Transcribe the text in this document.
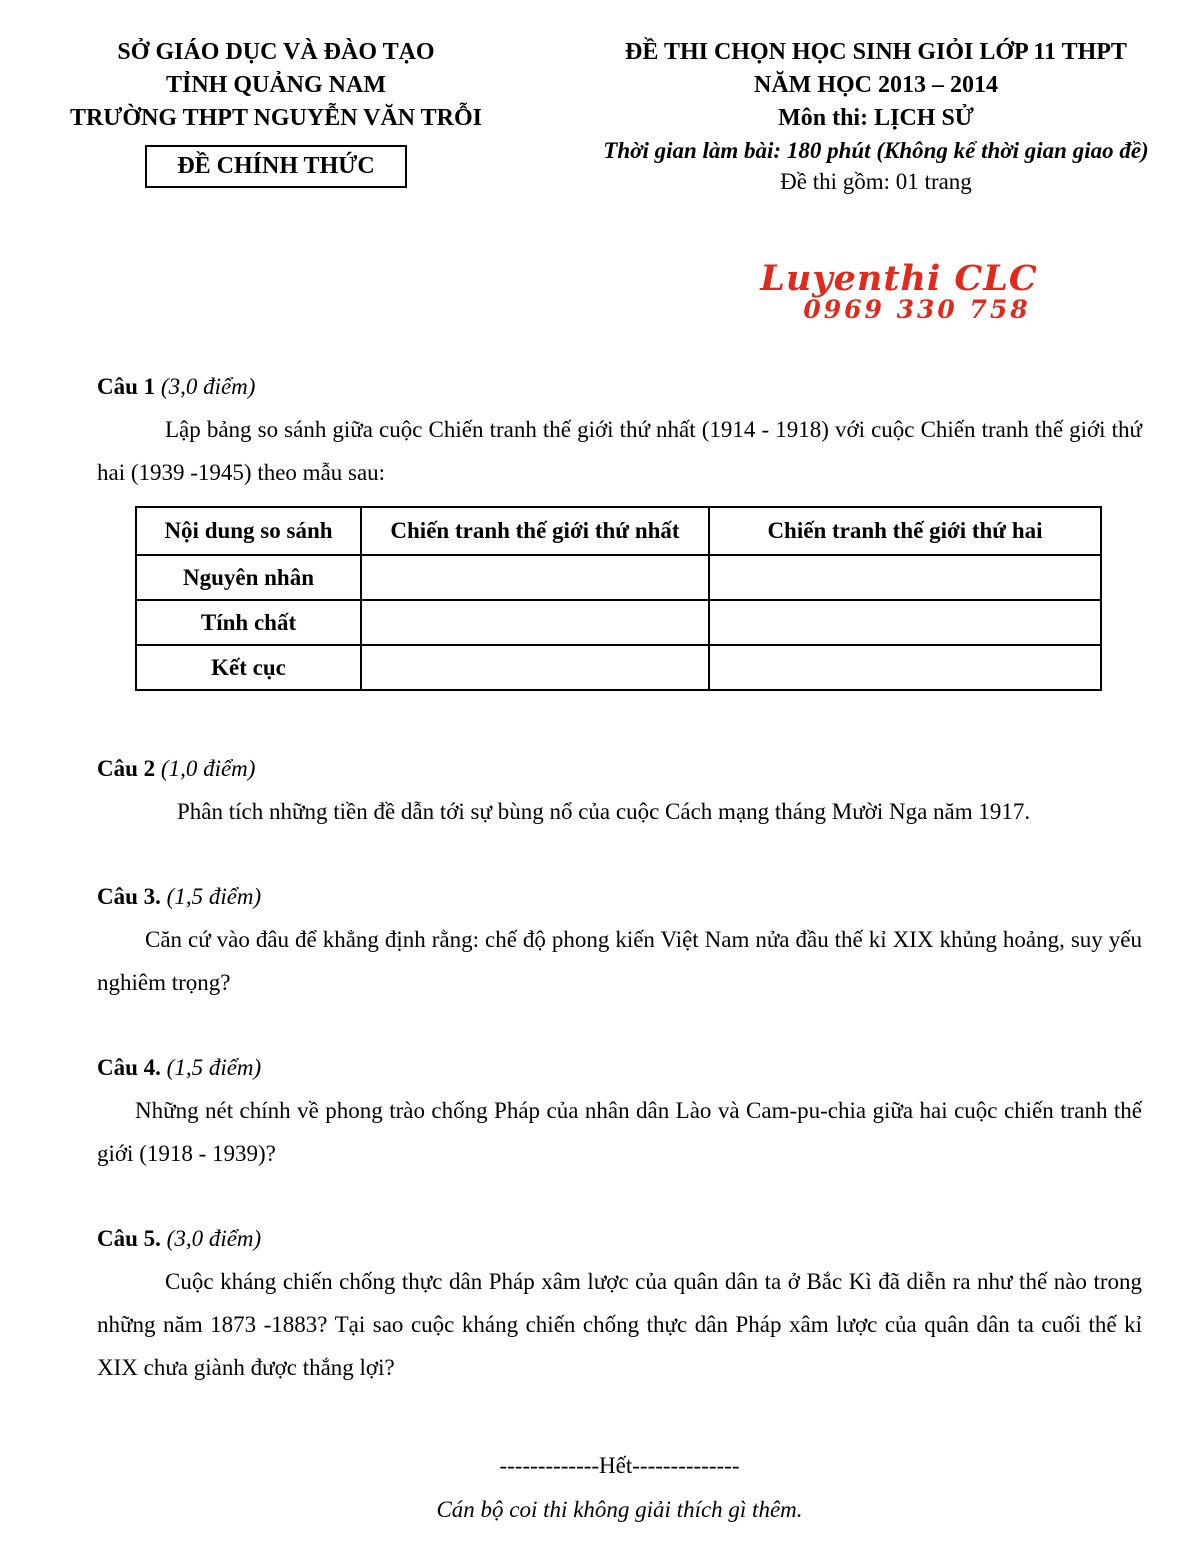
SỞ GIÁO DỤC VÀ ĐÀO TẠO
TỈNH QUẢNG NAM
TRƯỜNG THPT NGUYỄN VĂN TRỖI
ĐỀ CHÍNH THỨC
ĐỀ THI CHỌN HỌC SINH GIỎI LỚP 11 THPT
NĂM HỌC 2013 – 2014
Môn thi: LỊCH SỬ
Thời gian làm bài: 180 phút (Không kể thời gian giao đề)
Đề thi gồm: 01 trang
Luyenthi CLC
0969 330 758
Câu 1 (3,0 điểm)

Lập bảng so sánh giữa cuộc Chiến tranh thế giới thứ nhất (1914 - 1918) với cuộc Chiến tranh thế giới thứ hai (1939 -1945) theo mẫu sau:

Nội dung so sánh	Chiến tranh thế giới thứ nhất	Chiến tranh thế giới thứ hai
Nguyên nhân		
Tính chất		
Kết cục		
Câu 2 (1,0 điểm)

Phân tích những tiền đề dẫn tới sự bùng nổ của cuộc Cách mạng tháng Mười Nga năm 1917.

Câu 3. (1,5 điểm)

Căn cứ vào đâu để khẳng định rằng: chế độ phong kiến Việt Nam nửa đầu thế kỉ XIX khủng hoảng, suy yếu nghiêm trọng?

Câu 4. (1,5 điểm)

Những nét chính về phong trào chống Pháp của nhân dân Lào và Cam-pu-chia giữa hai cuộc chiến tranh thế giới (1918 - 1939)?

Câu 5. (3,0 điểm)

Cuộc kháng chiến chống thực dân Pháp xâm lược của quân dân ta ở Bắc Kì đã diễn ra như thế nào trong những năm 1873 -1883? Tại sao cuộc kháng chiến chống thực dân Pháp xâm lược của quân dân ta cuối thế kỉ XIX chưa giành được thắng lợi?

-------------Hết--------------
Cán bộ coi thi không giải thích gì thêm.
